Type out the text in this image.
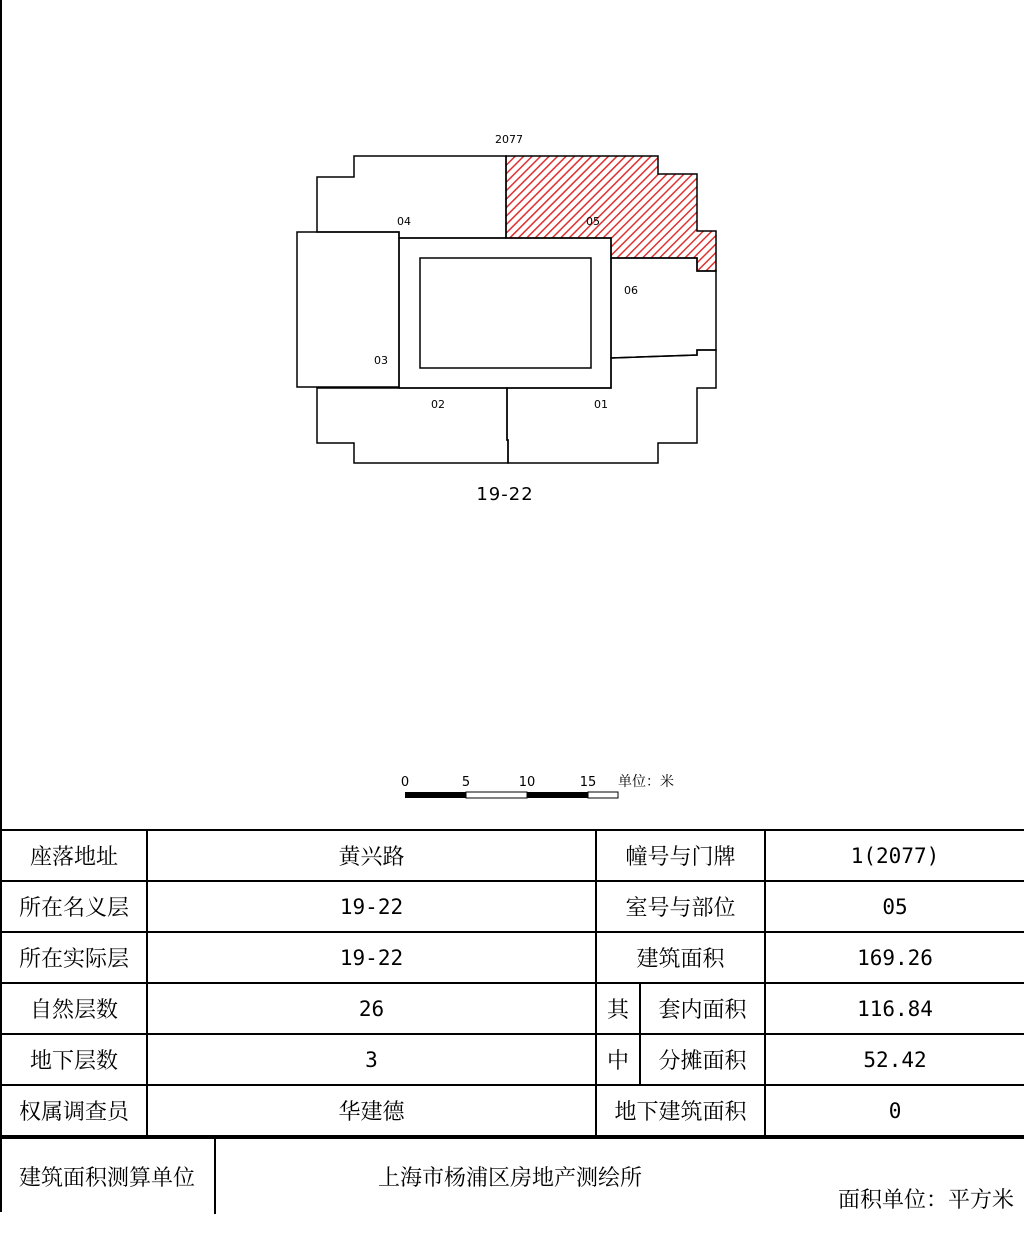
2077
04	05
06
03
02	01
19-22
0	5	10	15 单位：米
座落地址	黄兴路	幢号与门牌		1(2077)
所在名义层	19-22	室号与部位		05
所在实际层	19-22	建筑面积		169.26
自然层数	26	其	套内面积	116.84
地下层数	3	中	分摊面积	52.42
权属调查员	华建德	地下建筑面积		0
建筑面积测算单位	上海市杨浦区房地产测绘所
面积单位：平方米
